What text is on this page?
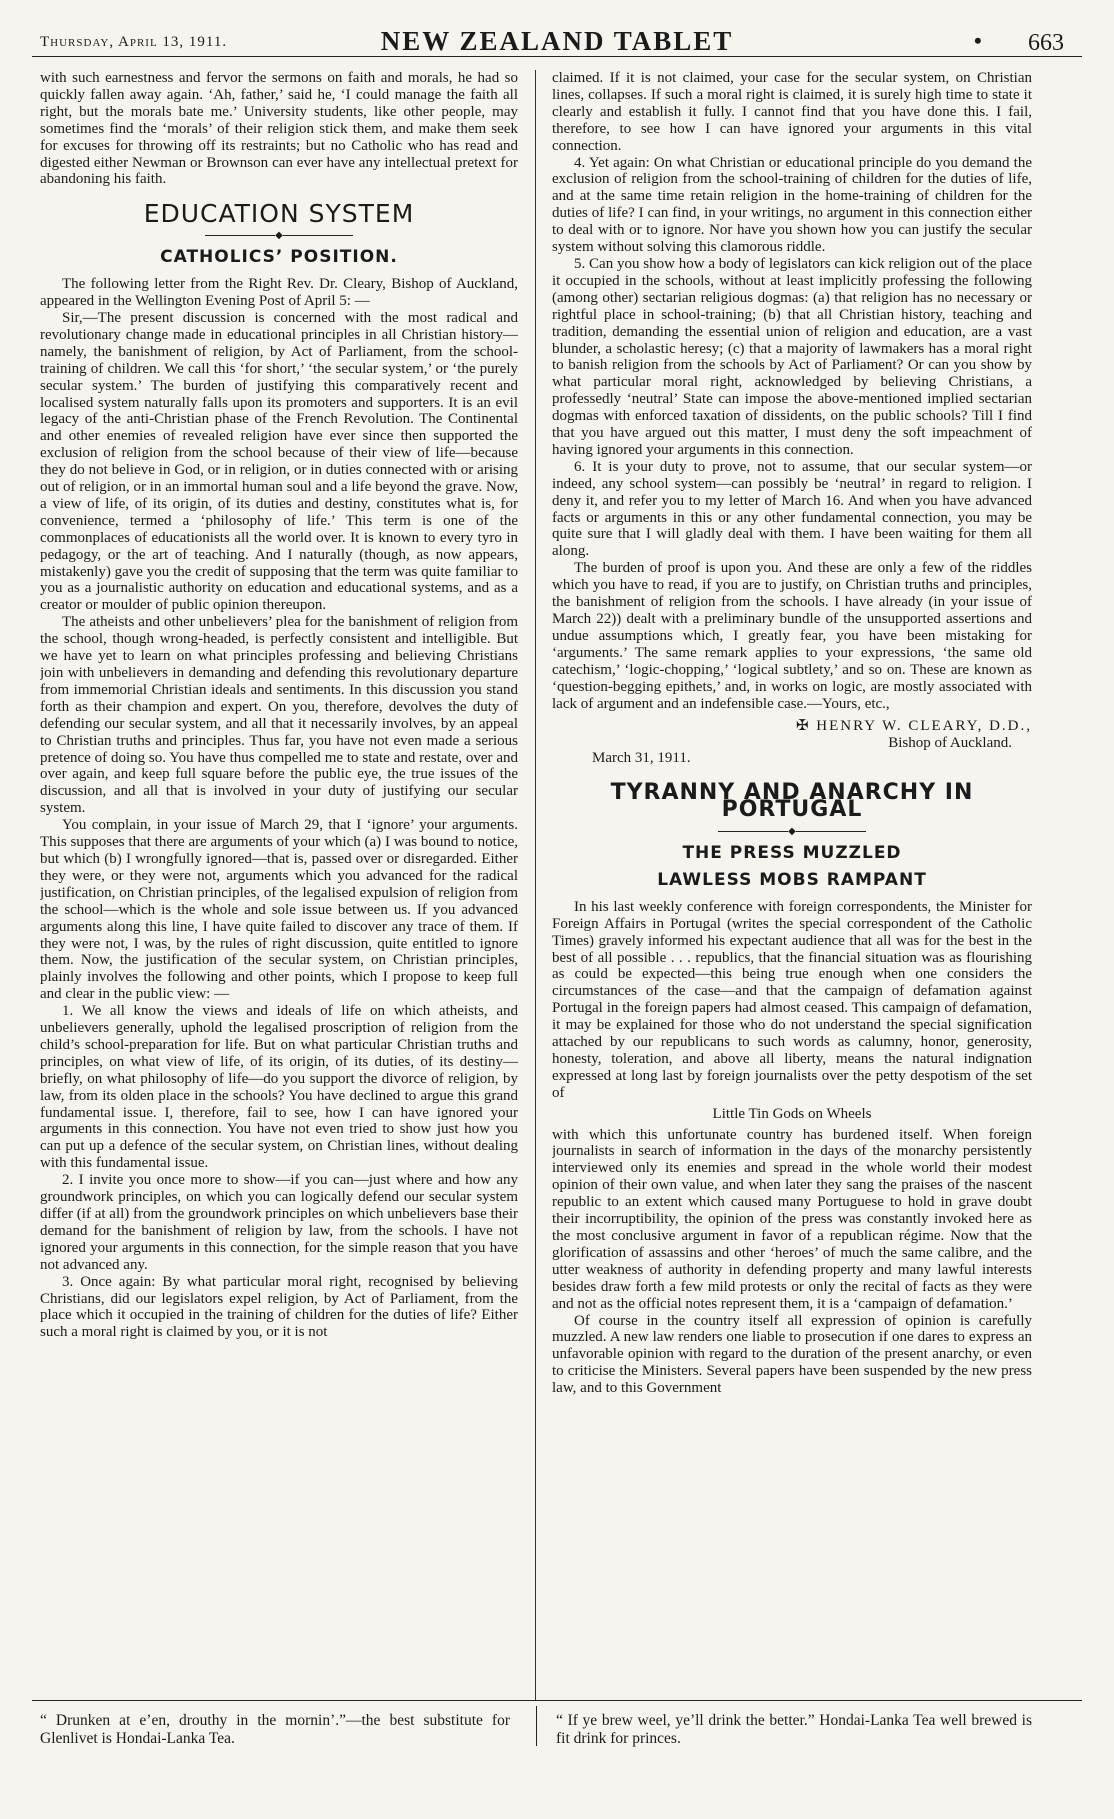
Thursday, April 13, 1911.	NEW ZEALAND TABLET	• 663

with such earnestness and fervor the sermons on faith and morals, he had so quickly fallen away again. ‘Ah, father,’ said he, ‘I could manage the faith all right, but the morals bate me.’ University students, like other people, may sometimes find the ‘morals’ of their religion stick them, and make them seek for excuses for throwing off its restraints; but no Catholic who has read and digested either Newman or Brownson can ever have any intellectual pretext for abandoning his faith.

EDUCATION SYSTEM
◆
CATHOLICS’ POSITION.

The following letter from the Right Rev. Dr. Cleary, Bishop of Auckland, appeared in the Wellington Evening Post of April 5: —

Sir,—The present discussion is concerned with the most radical and revolutionary change made in educational principles in all Christian history—namely, the banishment of religion, by Act of Parliament, from the school-training of children. We call this ‘for short,’ ‘the secular system,’ or ‘the purely secular system.’ The burden of justifying this comparatively recent and localised system naturally falls upon its promoters and supporters. It is an evil legacy of the anti-Christian phase of the French Revolution. The Continental and other enemies of revealed religion have ever since then supported the exclusion of religion from the school because of their view of life—because they do not believe in God, or in religion, or in duties connected with or arising out of religion, or in an immortal human soul and a life beyond the grave. Now, a view of life, of its origin, of its duties and destiny, constitutes what is, for convenience, termed a ‘philosophy of life.’ This term is one of the commonplaces of educationists all the world over. It is known to every tyro in pedagogy, or the art of teaching. And I naturally (though, as now appears, mistakenly) gave you the credit of supposing that the term was quite familiar to you as a journalistic authority on education and educational systems, and as a creator or moulder of public opinion thereupon.

The atheists and other unbelievers’ plea for the banishment of religion from the school, though wrong-headed, is perfectly consistent and intelligible. But we have yet to learn on what principles professing and believing Christians join with unbelievers in demanding and defending this revolutionary departure from immemorial Christian ideals and sentiments. In this discussion you stand forth as their champion and expert. On you, therefore, devolves the duty of defending our secular system, and all that it necessarily involves, by an appeal to Christian truths and principles. Thus far, you have not even made a serious pretence of doing so. You have thus compelled me to state and restate, over and over again, and keep full square before the public eye, the true issues of the discussion, and all that is involved in your duty of justifying our secular system.

You complain, in your issue of March 29, that I ‘ignore’ your arguments. This supposes that there are arguments of your which (a) I was bound to notice, but which (b) I wrongfully ignored—that is, passed over or disregarded. Either they were, or they were not, arguments which you advanced for the radical justification, on Christian principles, of the legalised expulsion of religion from the school—which is the whole and sole issue between us. If you advanced arguments along this line, I have quite failed to discover any trace of them. If they were not, I was, by the rules of right discussion, quite entitled to ignore them. Now, the justification of the secular system, on Christian principles, plainly involves the following and other points, which I propose to keep full and clear in the public view: —

1. We all know the views and ideals of life on which atheists, and unbelievers generally, uphold the legalised proscription of religion from the child’s school-preparation for life. But on what particular Christian truths and principles, on what view of life, of its origin, of its duties, of its destiny—briefly, on what philosophy of life—do you support the divorce of religion, by law, from its olden place in the schools? You have declined to argue this grand fundamental issue. I, therefore, fail to see, how I can have ignored your arguments in this connection. You have not even tried to show just how you can put up a defence of the secular system, on Christian lines, without dealing with this fundamental issue.

2. I invite you once more to show—if you can—just where and how any groundwork principles, on which you can logically defend our secular system differ (if at all) from the groundwork principles on which unbelievers base their demand for the banishment of religion by law, from the schools. I have not ignored your arguments in this connection, for the simple reason that you have not advanced any.

3. Once again: By what particular moral right, recognised by believing Christians, did our legislators expel religion, by Act of Parliament, from the place which it occupied in the training of children for the duties of life? Either such a moral right is claimed by you, or it is not

claimed. If it is not claimed, your case for the secular system, on Christian lines, collapses. If such a moral right is claimed, it is surely high time to state it clearly and establish it fully. I cannot find that you have done this. I fail, therefore, to see how I can have ignored your arguments in this vital connection.

4. Yet again: On what Christian or educational principle do you demand the exclusion of religion from the school-training of children for the duties of life, and at the same time retain religion in the home-training of children for the duties of life? I can find, in your writings, no argument in this connection either to deal with or to ignore. Nor have you shown how you can justify the secular system without solving this clamorous riddle.

5. Can you show how a body of legislators can kick religion out of the place it occupied in the schools, without at least implicitly professing the following (among other) sectarian religious dogmas: (a) that religion has no necessary or rightful place in school-training; (b) that all Christian history, teaching and tradition, demanding the essential union of religion and education, are a vast blunder, a scholastic heresy; (c) that a majority of lawmakers has a moral right to banish religion from the schools by Act of Parliament? Or can you show by what particular moral right, acknowledged by believing Christians, a professedly ‘neutral’ State can impose the above-mentioned implied sectarian dogmas with enforced taxation of dissidents, on the public schools? Till I find that you have argued out this matter, I must deny the soft impeachment of having ignored your arguments in this connection.

6. It is your duty to prove, not to assume, that our secular system—or indeed, any school system—can possibly be ‘neutral’ in regard to religion. I deny it, and refer you to my letter of March 16. And when you have advanced facts or arguments in this or any other fundamental connection, you may be quite sure that I will gladly deal with them. I have been waiting for them all along.

The burden of proof is upon you. And these are only a few of the riddles which you have to read, if you are to justify, on Christian truths and principles, the banishment of religion from the schools. I have already (in your issue of March 22)) dealt with a preliminary bundle of the unsupported assertions and undue assumptions which, I greatly fear, you have been mistaking for ‘arguments.’ The same remark applies to your expressions, ‘the same old catechism,’ ‘logic-chopping,’ ‘logical subtlety,’ and so on. These are known as ‘question-begging epithets,’ and, in works on logic, are mostly associated with lack of argument and an indefensible case.—Yours, etc.,

✠ HENRY W. CLEARY, D.D.,
Bishop of Auckland.
March 31, 1911.
TYRANNY AND ANARCHY IN PORTUGAL
◆
THE PRESS MUZZLED
LAWLESS MOBS RAMPANT

In his last weekly conference with foreign correspondents, the Minister for Foreign Affairs in Portugal (writes the special correspondent of the Catholic Times) gravely informed his expectant audience that all was for the best in the best of all possible . . . republics, that the financial situation was as flourishing as could be expected—this being true enough when one considers the circumstances of the case—and that the campaign of defamation against Portugal in the foreign papers had almost ceased. This campaign of defamation, it may be explained for those who do not understand the special signification attached by our republicans to such words as calumny, honor, generosity, honesty, toleration, and above all liberty, means the natural indignation expressed at long last by foreign journalists over the petty despotism of the set of

Little Tin Gods on Wheels

with which this unfortunate country has burdened itself. When foreign journalists in search of information in the days of the monarchy persistently interviewed only its enemies and spread in the whole world their modest opinion of their own value, and when later they sang the praises of the nascent republic to an extent which caused many Portuguese to hold in grave doubt their incorruptibility, the opinion of the press was constantly invoked here as the most conclusive argument in favor of a republican régime. Now that the glorification of assassins and other ‘heroes’ of much the same calibre, and the utter weakness of authority in defending property and many lawful interests besides draw forth a few mild protests or only the recital of facts as they were and not as the official notes represent them, it is a ‘campaign of defamation.’

Of course in the country itself all expression of opinion is carefully muzzled. A new law renders one liable to prosecution if one dares to express an unfavorable opinion with regard to the duration of the present anarchy, or even to criticise the Ministers. Several papers have been suspended by the new press law, and to this Government

“ Drunken at e’en, drouthy in the mornin’.”—the best substitute for Glenlivet is Hondai-Lanka Tea.
“ If ye brew weel, ye’ll drink the better.” Hondai-Lanka Tea well brewed is fit drink for princes.
